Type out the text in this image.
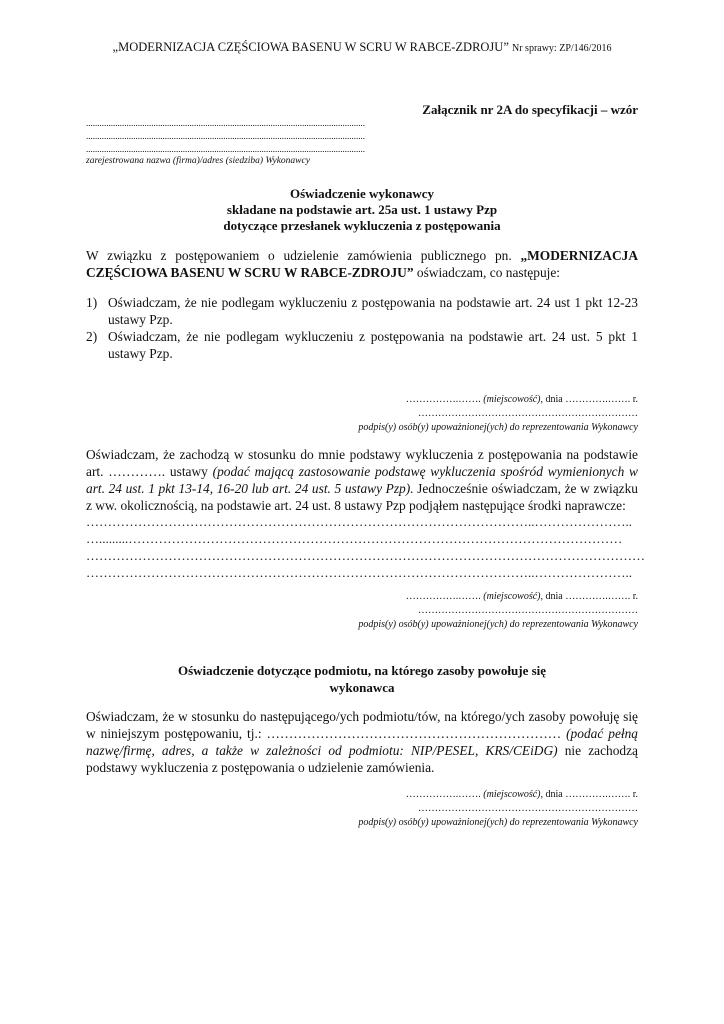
„MODERNIZACJA CZĘŚCIOWA BASENU W SCRU W RABCE-ZDROJU” Nr sprawy: ZP/146/2016
Załącznik nr 2A do specyfikacji – wzór
............................................................................................................................
............................................................................................................................
............................................................................................................................
zarejestrowana nazwa (firma)/adres (siedziba) Wykonawcy
Oświadczenie wykonawcy
składane na podstawie art. 25a ust. 1 ustawy Pzp
dotyczące przesłanek wykluczenia z postępowania
W związku z postępowaniem o udzielenie zamówienia publicznego pn. „MODERNIZACJA CZĘŚCIOWA BASENU W SCRU W RABCE-ZDROJU” oświadczam, co następuje:
1) Oświadczam, że nie podlegam wykluczeniu z postępowania na podstawie art. 24 ust 1 pkt 12-23 ustawy Pzp.
2) Oświadczam, że nie podlegam wykluczeniu z postępowania na podstawie art. 24 ust. 5 pkt 1 ustawy Pzp.
…………….……. (miejscowość), dnia ………….……. r.
…………………………………………………………
podpis(y) osób(y) upoważnionej(ych) do reprezentowania Wykonawcy
Oświadczam, że zachodzą w stosunku do mnie podstawy wykluczenia z postępowania na podstawie art. …………. ustawy (podać mającą zastosowanie podstawę wykluczenia spośród wymienionych w art. 24 ust. 1 pkt 13-14, 16-20 lub art. 24 ust. 5 ustawy Pzp). Jednocześnie oświadczam, że w związku z ww. okolicznością, na podstawie art. 24 ust. 8 ustawy Pzp podjąłem następujące środki naprawcze:
…………………………………………………………………………………………..…………………..
….........……………………………………………………………………………………………………
…………………………………………………………………………………………………………………
…………………………………………………………………………………………..…………………..
…………….……. (miejscowość), dnia ………….……. r.
…………………………………………………………
podpis(y) osób(y) upoważnionej(ych) do reprezentowania Wykonawcy
Oświadczenie dotyczące podmiotu, na którego zasoby powołuje się
wykonawca
Oświadczam, że w stosunku do następującego/ych podmiotu/tów, na którego/ych zasoby powołuję się w niniejszym postępowaniu, tj.: ………………………………………………………… (podać pełną nazwę/firmę, adres, a także w zależności od podmiotu: NIP/PESEL, KRS/CEiDG) nie zachodzą podstawy wykluczenia z postępowania o udzielenie zamówienia.
…………….……. (miejscowość), dnia ………….……. r.
…………………………………………………………
podpis(y) osób(y) upoważnionej(ych) do reprezentowania Wykonawcy
